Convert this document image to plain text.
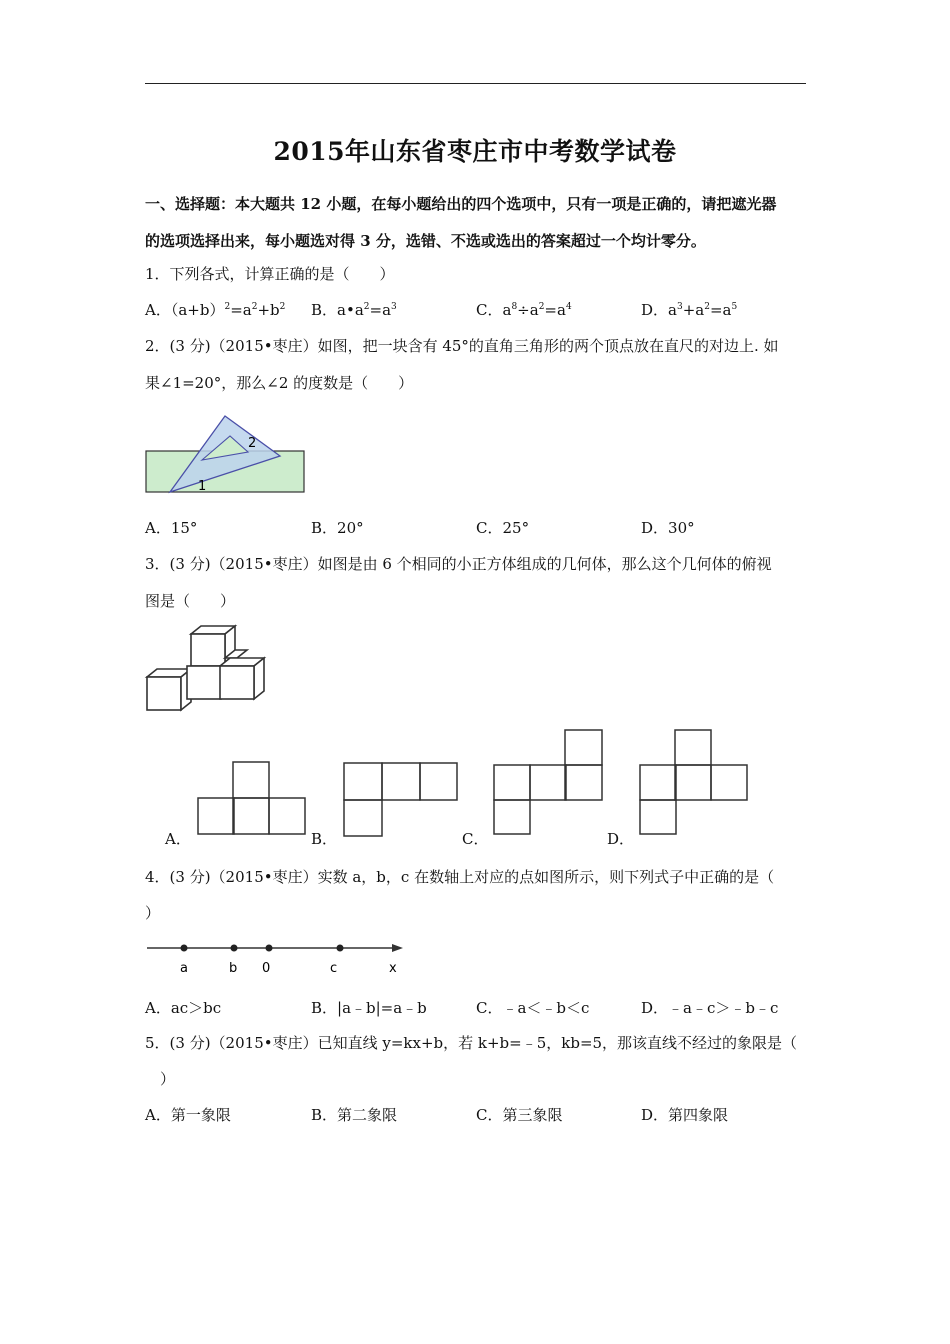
2015年山东省枣庄市中考数学试卷
一、选择题：本大题共 12 小题，在每小题给出的四个选项中，只有一项是正确的，请把遮光器
的选项选择出来，每小题选对得 3 分，选错、不选或选出的答案超过一个均计零分。
1．下列各式，计算正确的是（　　）
A．$(a+b)^2=a^2+b^2$ B．$a•a^2=a^3$	C．$a^8\div a^2=a^4$	D．$a^3+a^2=a^5$
2．(3 分)（2015•枣庄）如图，把一块含有 45°的直角三角形的两个顶点放在直尺的对边上. 如
果∠1=20°，那么∠2 的度数是（　　）
1
2
A．15°	B．20°	C．25°	D．30°
3．(3 分)（2015•枣庄）如图是由 6 个相同的小正方体组成的几何体，那么这个几何体的俯视
图是（　　）
A．	B．	C．	D．
4．(3 分)（2015•枣庄）实数 a，b，c 在数轴上对应的点如图所示，则下列式子中正确的是（
）
a	b 0	c	x
A．ac＞bc	B．|a﹣b|=a﹣b	C．﹣a＜﹣b＜c	D．﹣a﹣c＞﹣b﹣c
5．(3 分)（2015•枣庄）已知直线 y=kx+b，若 k+b=﹣5，kb=5，那该直线不经过的象限是（
）
A．第一象限	B．第二象限	C．第三象限	D．第四象限
